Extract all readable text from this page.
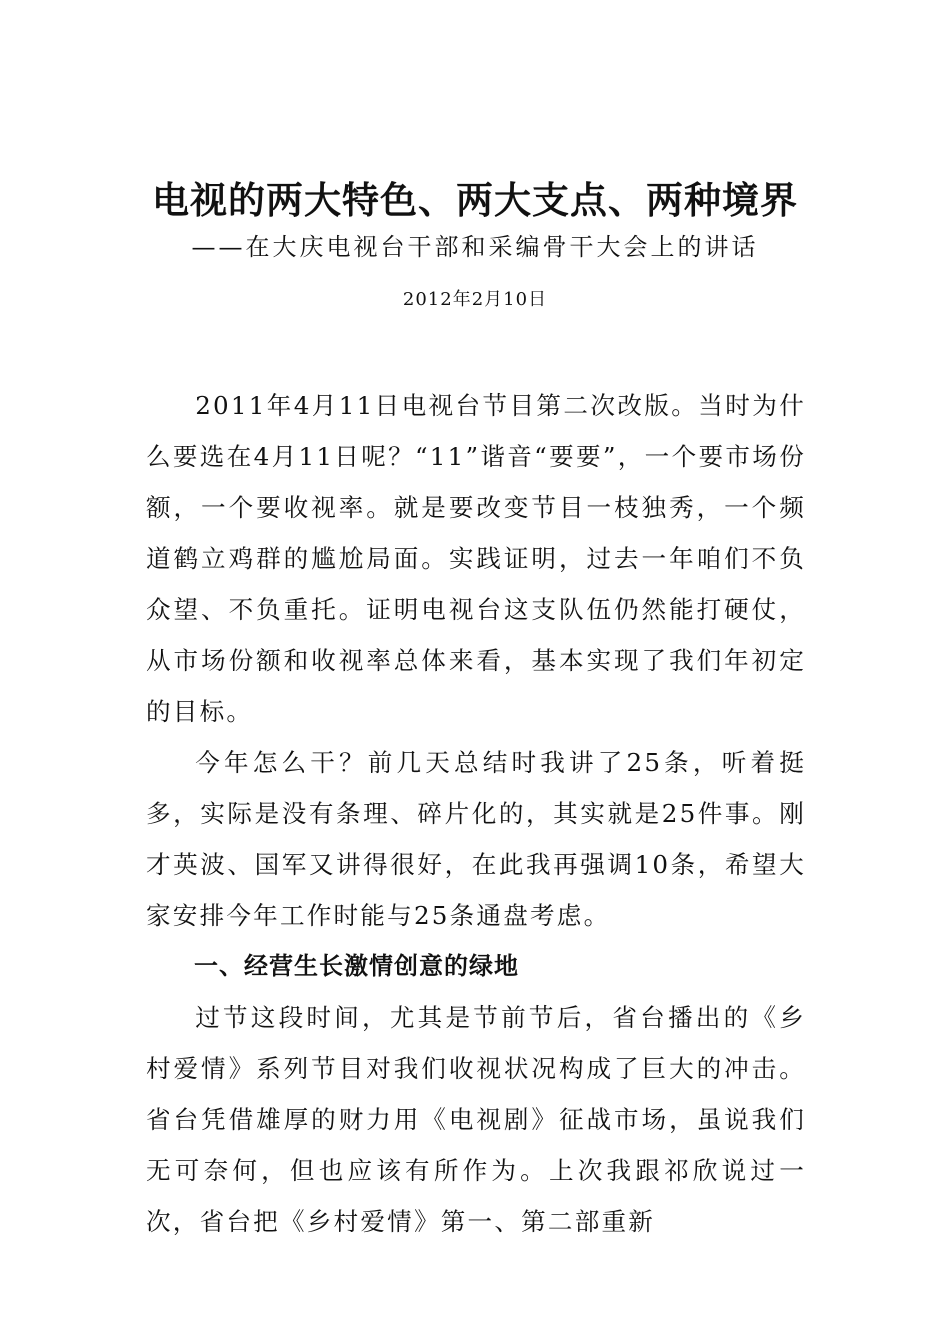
电视的两大特色、两大支点、两种境界
——在大庆电视台干部和采编骨干大会上的讲话
2012年2月10日

2011年4月11日电视台节目第二次改版。当时为什么要选在4月11日呢？“11”谐音“要要”，一个要市场份额，一个要收视率。就是要改变节目一枝独秀，一个频道鹤立鸡群的尴尬局面。实践证明，过去一年咱们不负众望、不负重托。证明电视台这支队伍仍然能打硬仗，从市场份额和收视率总体来看，基本实现了我们年初定的目标。

今年怎么干？前几天总结时我讲了25条，听着挺多，实际是没有条理、碎片化的，其实就是25件事。刚才英波、国军又讲得很好，在此我再强调10条，希望大家安排今年工作时能与25条通盘考虑。

一、经营生长激情创意的绿地

过节这段时间，尤其是节前节后，省台播出的《乡村爱情》系列节目对我们收视状况构成了巨大的冲击。省台凭借雄厚的财力用《电视剧》征战市场，虽说我们无可奈何，但也应该有所作为。上次我跟祁欣说过一次，省台把《乡村爱情》第一、第二部重新
